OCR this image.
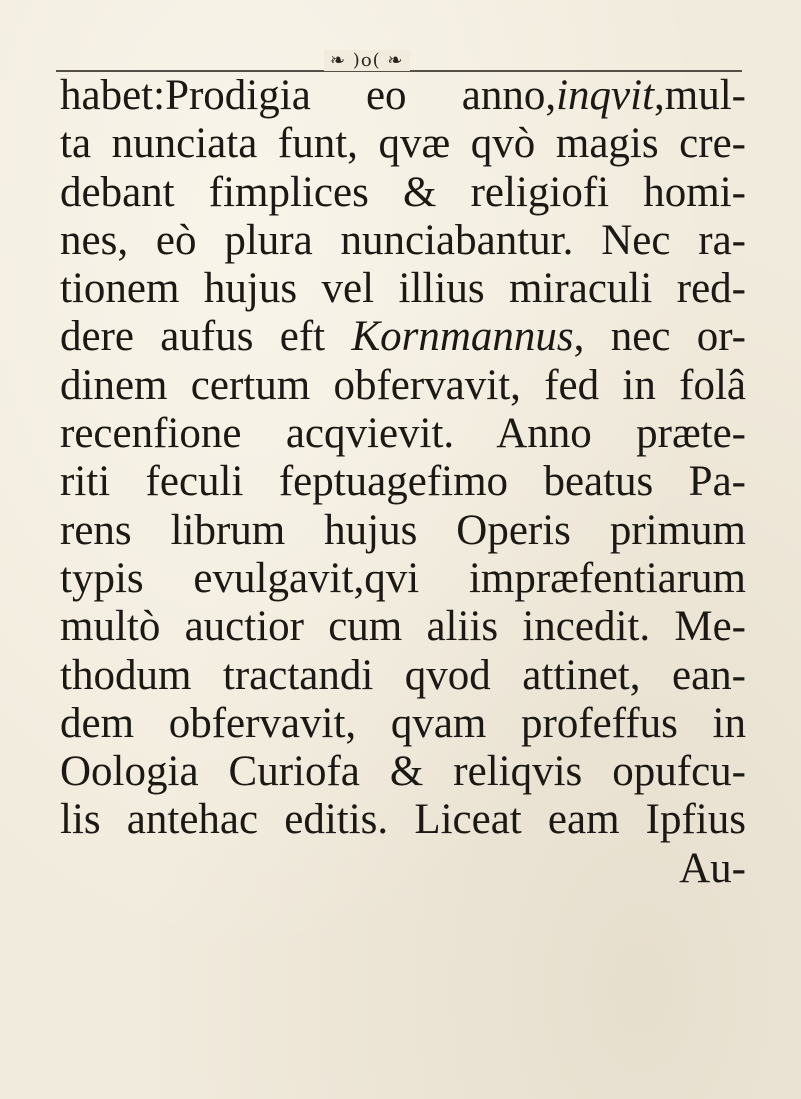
❧ )o( ❧
habet:Prodigia eo anno,inqvit,mul-
ta nunciata funt, qvæ qvò magis cre-
debant fimplices & religiofi homi-
nes, eò plura nunciabantur. Nec ra-
tionem hujus vel illius miraculi red-
dere aufus eft Kornmannus, nec or-
dinem certum obfervavit, fed in folâ
recenfione acqvievit. Anno præte-
riti feculi feptuagefimo beatus Pa-
rens librum hujus Operis primum
typis evulgavit,qvi impræfentiarum
multò auctior cum aliis incedit. Me-
thodum tractandi qvod attinet, ean-
dem obfervavit, qvam profeffus in
Oologia Curiofa & reliqvis opufcu-
lis antehac editis. Liceat eam Ipfius
Au-
